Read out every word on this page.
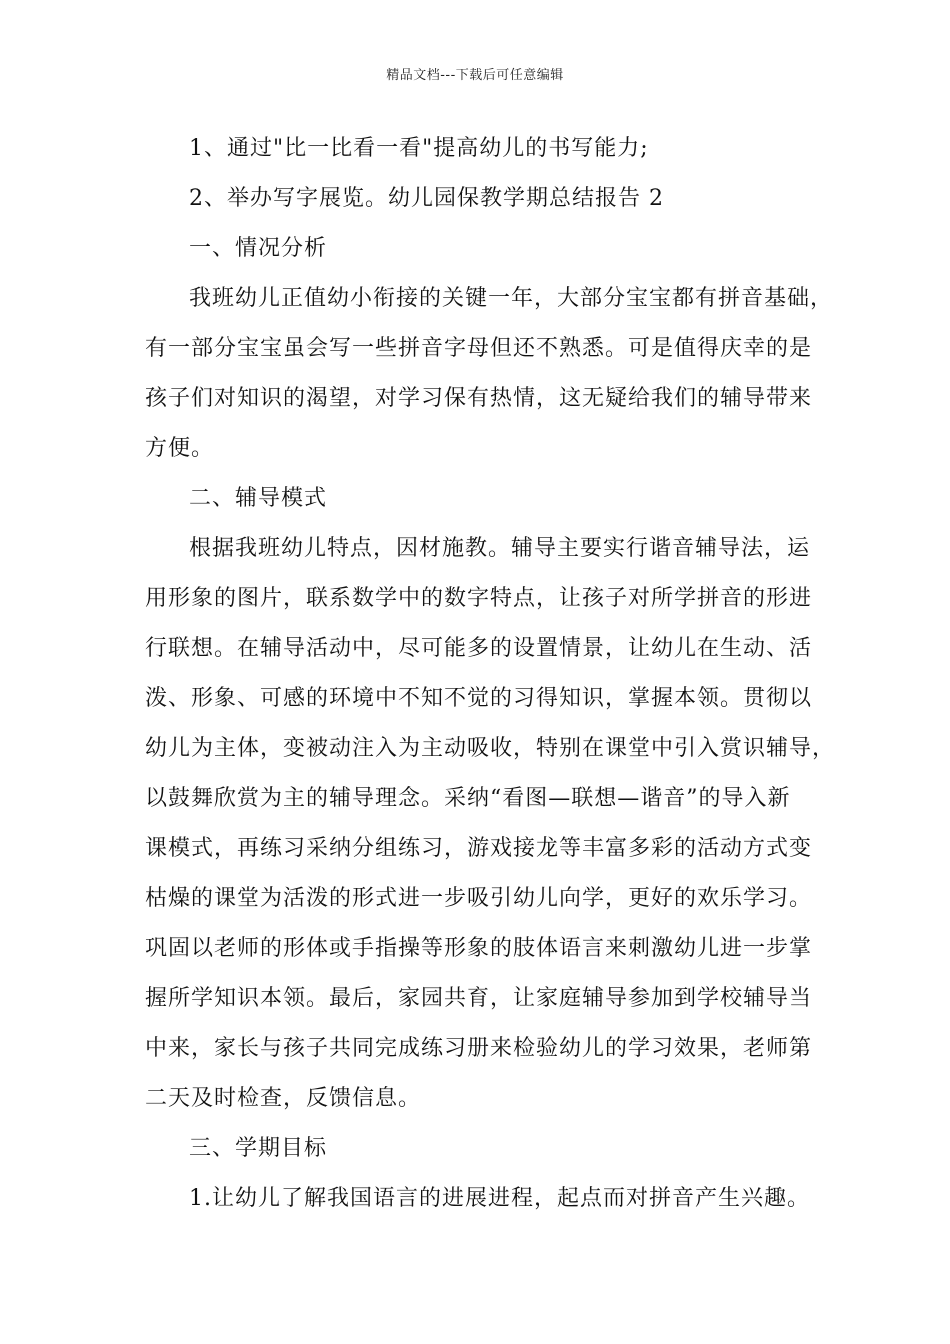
精品文档---下载后可任意编辑
1、通过"比一比看一看"提高幼儿的书写能力;
2、举办写字展览。幼儿园保教学期总结报告 2
一、情况分析
我班幼儿正值幼小衔接的关键一年，大部分宝宝都有拼音基础，
有一部分宝宝虽会写一些拼音字母但还不熟悉。可是值得庆幸的是
孩子们对知识的渴望，对学习保有热情，这无疑给我们的辅导带来
方便。
二、辅导模式
根据我班幼儿特点，因材施教。辅导主要实行谐音辅导法，运
用形象的图片，联系数学中的数字特点，让孩子对所学拼音的形进
行联想。在辅导活动中，尽可能多的设置情景，让幼儿在生动、活
泼、形象、可感的环境中不知不觉的习得知识，掌握本领。贯彻以
幼儿为主体，变被动注入为主动吸收，特别在课堂中引入赏识辅导，
以鼓舞欣赏为主的辅导理念。采纳“看图—联想—谐音”的导入新
课模式，再练习采纳分组练习，游戏接龙等丰富多彩的活动方式变
枯燥的课堂为活泼的形式进一步吸引幼儿向学，更好的欢乐学习。
巩固以老师的形体或手指操等形象的肢体语言来刺激幼儿进一步掌
握所学知识本领。最后，家园共育，让家庭辅导参加到学校辅导当
中来，家长与孩子共同完成练习册来检验幼儿的学习效果，老师第
二天及时检查，反馈信息。
三、学期目标
1.让幼儿了解我国语言的进展进程，起点而对拼音产生兴趣。
